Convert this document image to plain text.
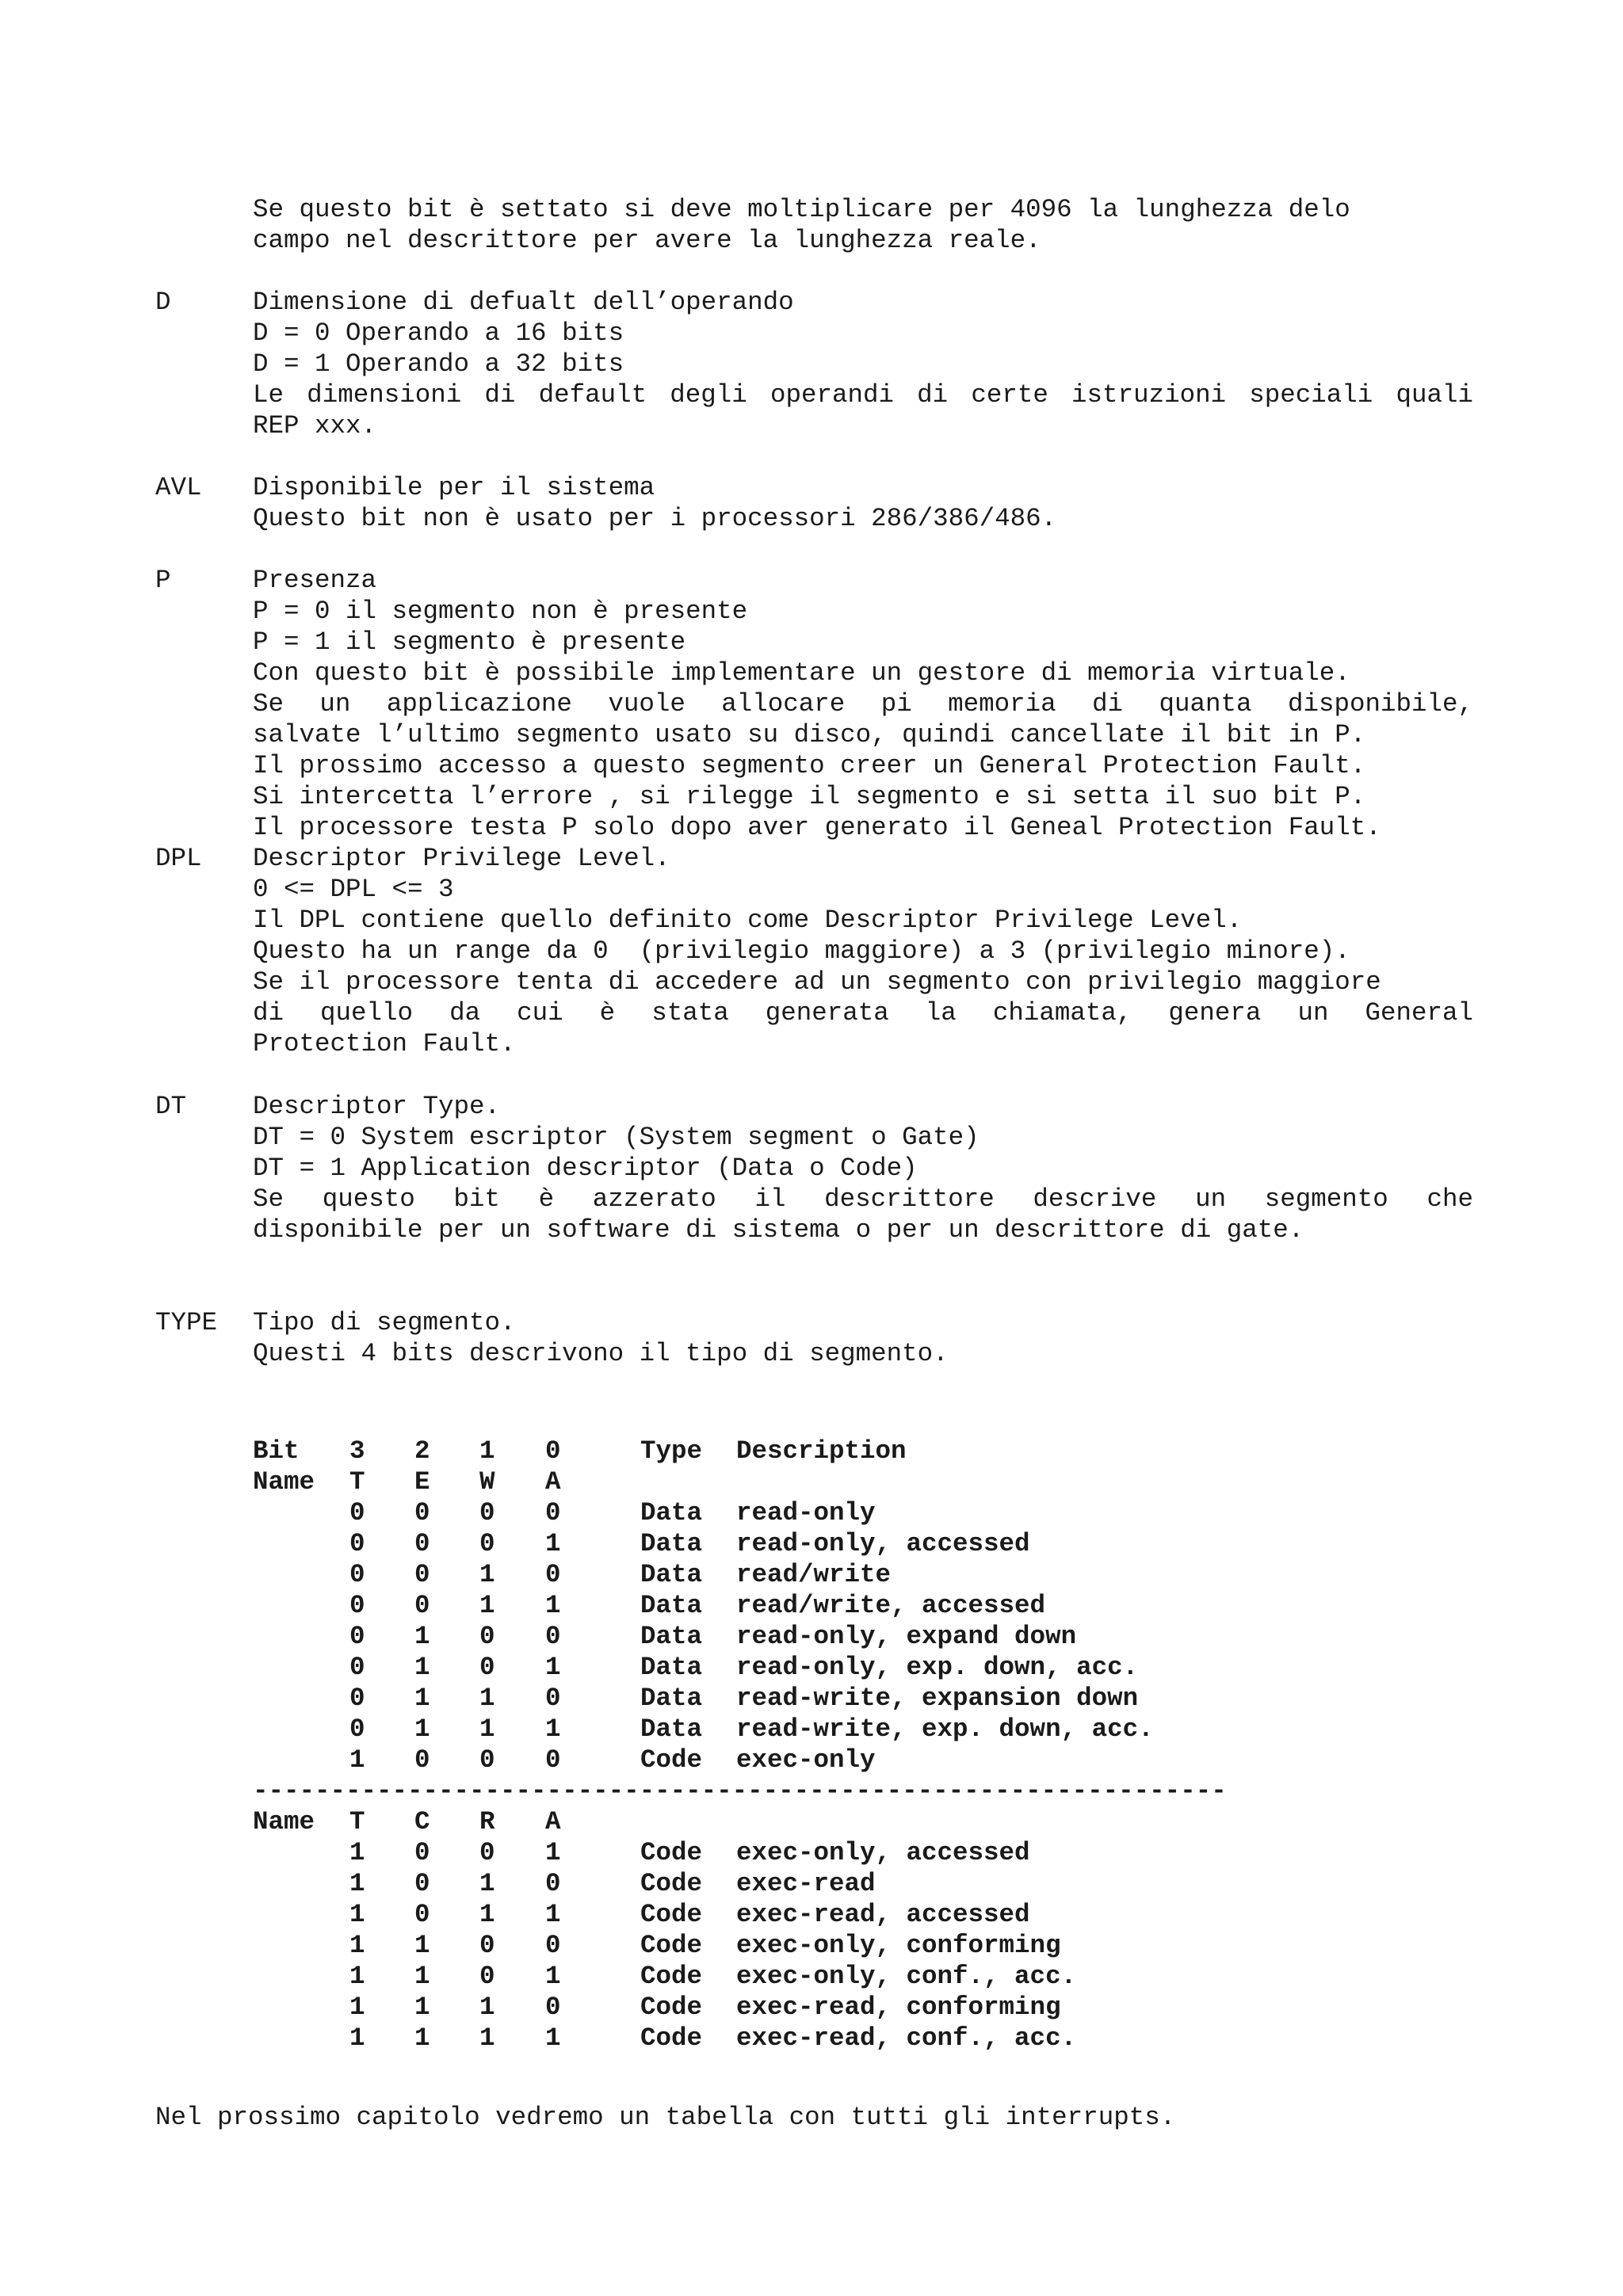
Se questo bit è settato si deve moltiplicare per 4096 la lunghezza delo
campo nel descrittore per avere la lunghezza reale.
D	Dimensione di defualt dell’operando
D = 0 Operando a 16 bits
D = 1 Operando a 32 bits
Le dimensioni di default degli operandi di certe istruzioni speciali quali
REP xxx.
AVL Disponibile per il sistema
Questo bit non è usato per i processori 286/386/486.
P	Presenza
P = 0 il segmento non è presente
P = 1 il segmento è presente
Con questo bit è possibile implementare un gestore di memoria virtuale.
Se un applicazione vuole allocare pi memoria di quanta disponibile,
salvate l’ultimo segmento usato su disco, quindi cancellate il bit in P.
Il prossimo accesso a questo segmento creer un General Protection Fault.
Si intercetta l’errore , si rilegge il segmento e si setta il suo bit P.
Il processore testa P solo dopo aver generato il Geneal Protection Fault.
DPL Descriptor Privilege Level.
0 <= DPL <= 3
Il DPL contiene quello definito come Descriptor Privilege Level.
Questo ha un range da 0  (privilegio maggiore) a 3 (privilegio minore).
Se il processore tenta di accedere ad un segmento con privilegio maggiore
di quello da cui è stata generata la chiamata, genera un General
Protection Fault.
DT	Descriptor Type.
DT = 0 System escriptor (System segment o Gate)
DT = 1 Application descriptor (Data o Code)
Se questo bit è azzerato il descrittore descrive un segmento che
disponibile per un software di sistema o per un descrittore di gate.
TYPE Tipo di segmento.
Questi 4 bits descrivono il tipo di segmento.
Bit 3 2 1 0	Type Description
Name T E W A
0 0 0 0	Data read-only
0 0 0 1	Data read-only, accessed
0 0 1 0	Data read/write
0 0 1 1	Data read/write, accessed
0 1 0 0	Data read-only, expand down
0 1 0 1	Data read-only, exp. down, acc.
0 1 1 0	Data read-write, expansion down
0 1 1 1	Data read-write, exp. down, acc.
1 0 0 0	Code exec-only
---------------------------------------------------------------
Name T C R A
1 0 0 1	Code exec-only, accessed
1 0 1 0	Code exec-read
1 0 1 1	Code exec-read, accessed
1 1 0 0	Code exec-only, conforming
1 1 0 1	Code exec-only, conf., acc.
1 1 1 0	Code exec-read, conforming
1 1 1 1	Code exec-read, conf., acc.
Nel prossimo capitolo vedremo un tabella con tutti gli interrupts.
